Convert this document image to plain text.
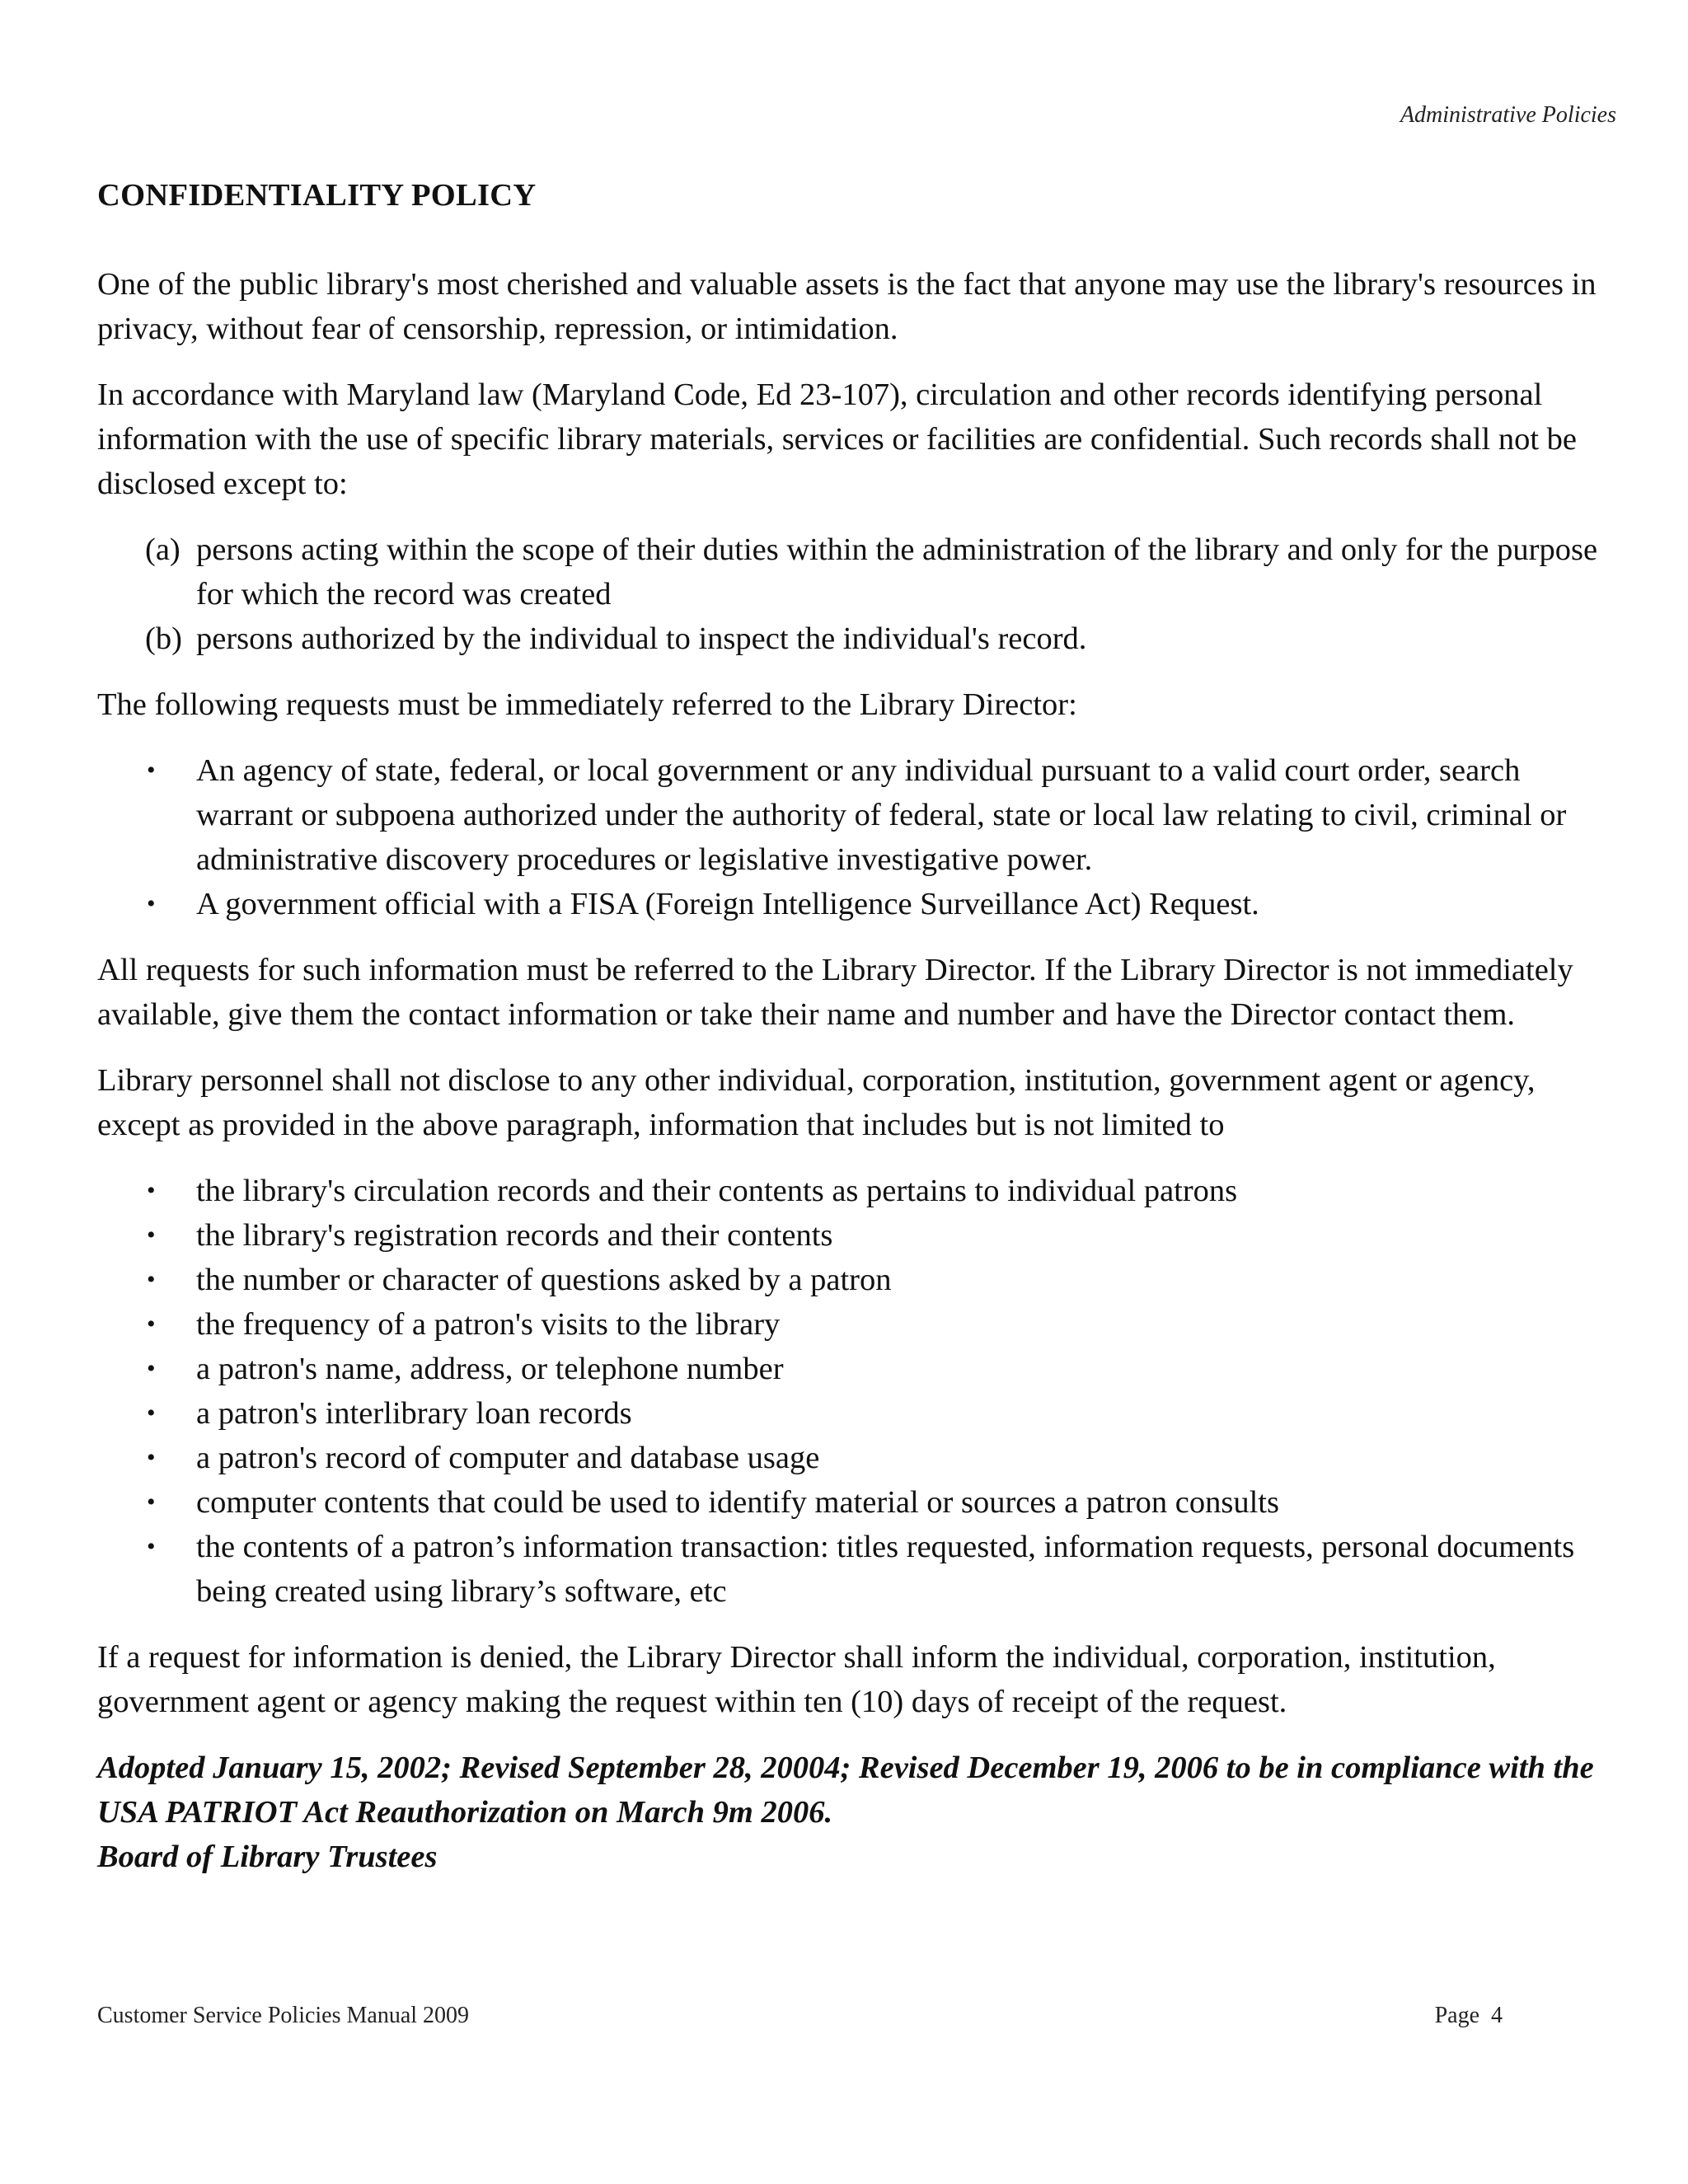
Administrative Policies
CONFIDENTIALITY POLICY

One of the public library's most cherished and valuable assets is the fact that anyone may use the library's resources in privacy, without fear of censorship, repression, or intimidation.

In accordance with Maryland law (Maryland Code, Ed 23-107), circulation and other records identifying personal information with the use of specific library materials, services or facilities are confidential. Such records shall not be disclosed except to:

(a) persons acting within the scope of their duties within the administration of the library and only for the purpose for which the record was created
(b) persons authorized by the individual to inspect the individual's record.

The following requests must be immediately referred to the Library Director:

• An agency of state, federal, or local government or any individual pursuant to a valid court order, search warrant or subpoena authorized under the authority of federal, state or local law relating to civil, criminal or administrative discovery procedures or legislative investigative power.
• A government official with a FISA (Foreign Intelligence Surveillance Act) Request.

All requests for such information must be referred to the Library Director. If the Library Director is not immediately available, give them the contact information or take their name and number and have the Director contact them.

Library personnel shall not disclose to any other individual, corporation, institution, government agent or agency, except as provided in the above paragraph, information that includes but is not limited to

• the library's circulation records and their contents as pertains to individual patrons
• the library's registration records and their contents
• the number or character of questions asked by a patron
• the frequency of a patron's visits to the library
• a patron's name, address, or telephone number
• a patron's interlibrary loan records
• a patron's record of computer and database usage
• computer contents that could be used to identify material or sources a patron consults
• the contents of a patron’s information transaction: titles requested, information requests, personal documents being created using library’s software, etc

If a request for information is denied, the Library Director shall inform the individual, corporation, institution, government agent or agency making the request within ten (10) days of receipt of the request.

Adopted January 15, 2002; Revised September 28, 20004; Revised December 19, 2006 to be in compliance with the USA PATRIOT Act Reauthorization on March 9m 2006.

Board of Library Trustees

Customer Service Policies Manual 2009	Page  4
